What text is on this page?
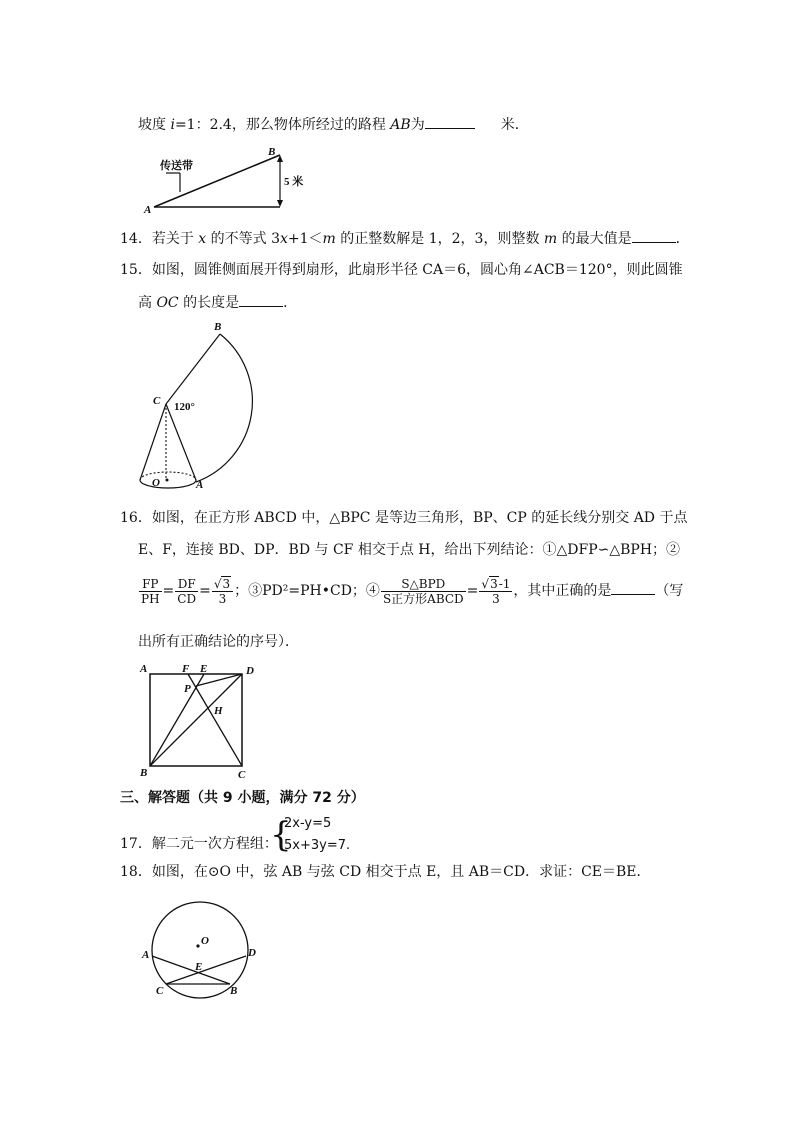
坡度 i=1：2.4，那么物体所经过的路程 AB为	米．
B
A
传送带
5 米
14．若关于 x 的不等式 3x+1＜m 的正整数解是 1，2，3，则整数 m 的最大值是	．
15．如图，圆锥侧面展开得到扇形，此扇形半径 CA＝6，圆心角∠ACB＝120°，则此圆锥
高 OC 的长度是	．
B
C 120°
O	A
16．如图，在正方形 ABCD 中，△BPC 是等边三角形，BP、CP 的延长线分别交 AD 于点
E、F，连接 BD、DP．BD 与 CF 相交于点 H，给出下列结论：①△DFP∽△BPH；②
$\frac{FP}{PH} = \frac{DF}{CD} = \frac{√3}{3}$ ；③PD²=PH•CD；④ $\frac{\text{S△BPD}}{\text{S正方形ABCD}} = \frac{√3-1}{3}$ ，其中正确的是	（写
出所有正确结论的序号）．
A	F E	D
P
H
B	C
三、解答题（共 9 小题，满分 72 分）
17．解二元一次方程组：
{
2x-y=5
5x+3y=7.
18．如图，在⊙O 中，弦 AB 与弦 CD 相交于点 E，且 AB＝CD．求证：CE＝BE．
O
A	D
E
C	B
